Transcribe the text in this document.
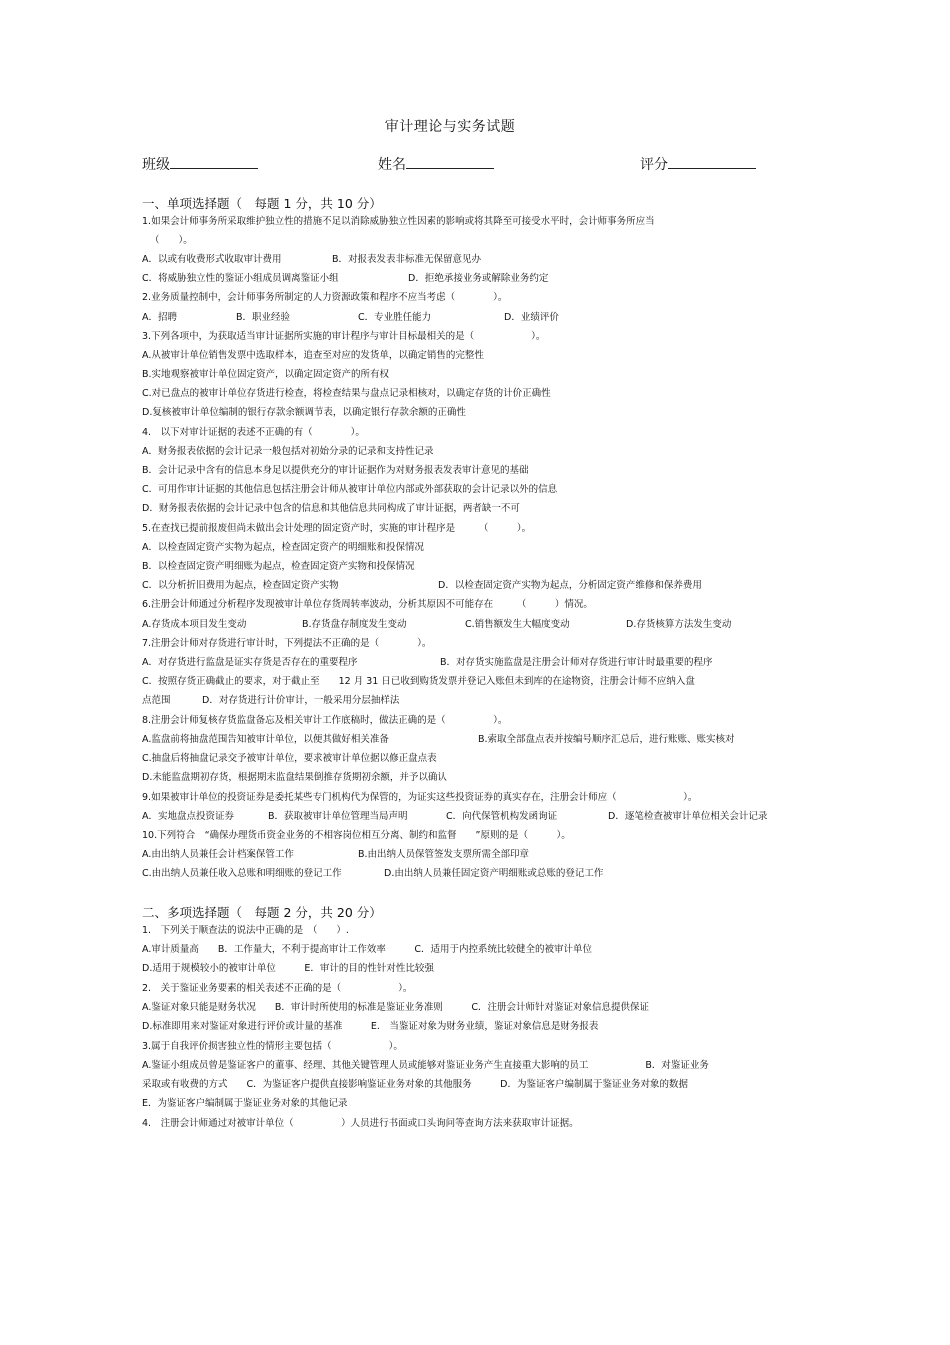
审计理论与实务试题
班级	姓名	评分
一、单项选择题（　每题 1 分，共 10 分）
1.如果会计师事务所采取维护独立性的措施不足以消除威胁独立性因素的影响或将其降至可接受水平时，会计师事务所应当
（　　）。
A．以或有收费形式收取审计费用	B．对报表发表非标准无保留意见办
C．将威胁独立性的鉴证小组成员调离鉴证小组	D．拒绝承接业务或解除业务约定
2.业务质量控制中，会计师事务所制定的人力资源政策和程序不应当考虑（　　　　）。
A．招聘	B．职业经验	C．专业胜任能力	D．业绩评价
3.下列各项中，为获取适当审计证据所实施的审计程序与审计目标最相关的是（　　　　　　）。
A.从被审计单位销售发票中选取样本，追查至对应的发货单，以确定销售的完整性
B.实地观察被审计单位固定资产，以确定固定资产的所有权
C.对已盘点的被审计单位存货进行检查，将检查结果与盘点记录相核对，以确定存货的计价正确性
D.复核被审计单位编制的银行存款余额调节表，以确定银行存款余额的正确性
4.　以下对审计证据的表述不正确的有（　　　　）。
A．财务报表依据的会计记录一般包括对初始分录的记录和支持性记录
B．会计记录中含有的信息本身足以提供充分的审计证据作为对财务报表发表审计意见的基础
C．可用作审计证据的其他信息包括注册会计师从被审计单位内部或外部获取的会计记录以外的信息
D．财务报表依据的会计记录中包含的信息和其他信息共同构成了审计证据，两者缺一不可
5.在查找已提前报废但尚未做出会计处理的固定资产时，实施的审计程序是　　　（　　　）。
A．以检查固定资产实物为起点，检查固定资产的明细账和投保情况
B．以检查固定资产明细账为起点，检查固定资产实物和投保情况
C．以分析折旧费用为起点，检查固定资产实物	D．以检查固定资产实物为起点，分析固定资产维修和保养费用
6.注册会计师通过分析程序发现被审计单位存货周转率波动，分析其原因不可能存在　　　（　　　）情况。
A.存货成本项目发生变动	B.存货盘存制度发生变动	C.销售额发生大幅度变动	D.存货核算方法发生变动
7.注册会计师对存货进行审计时，下列提法不正确的是（　　　　）。
A．对存货进行监盘是证实存货是否存在的重要程序	B．对存货实施监盘是注册会计师对存货进行审计时最重要的程序
C．按照存货正确截止的要求，对于截止至　　12 月 31 日已收到购货发票并登记入账但未到库的在途物资，注册会计师不应纳入盘
点范围	D．对存货进行计价审计，一般采用分层抽样法
8.注册会计师复核存货监盘备忘及相关审计工作底稿时，做法正确的是（　　　　　）。
A.监盘前将抽盘范围告知被审计单位，以便其做好相关准备	B.索取全部盘点表并按编号顺序汇总后，进行账账、账实核对
C.抽盘后将抽盘记录交予被审计单位，要求被审计单位据以修正盘点表
D.未能监盘期初存货，根据期末监盘结果倒推存货期初余额，并予以确认
9.如果被审计单位的投资证券是委托某些专门机构代为保管的，为证实这些投资证券的真实存在，注册会计师应（　　　　　　　）。
A．实地盘点投资证券	B．获取被审计单位管理当局声明	C．向代保管机构发函询证	D．逐笔检查被审计单位相关会计记录
10.下列符合　“确保办理货币资金业务的不相容岗位相互分离、制约和监督　　”原则的是（　　　）。
A.由出纳人员兼任会计档案保管工作	B.由出纳人员保管签发支票所需全部印章
C.由出纳人员兼任收入总账和明细账的登记工作	D.由出纳人员兼任固定资产明细账或总账的登记工作
二、多项选择题（　每题 2 分，共 20 分）
1.　下列关于顺查法的说法中正确的是　（　　）.
A.审计质量高　　B．工作量大，不利于提高审计工作效率　　　C．适用于内控系统比较健全的被审计单位
D.适用于规模较小的被审计单位　　　E．审计的目的性针对性比较强
2.　关于鉴证业务要素的相关表述不正确的是（　　　　　　）。
A.鉴证对象只能是财务状况　　B．审计时所使用的标准是鉴证业务准则　　　C．注册会计师针对鉴证对象信息提供保证
D.标准即用来对鉴证对象进行评价或计量的基准　　　E.　当鉴证对象为财务业绩，鉴证对象信息是财务报表
3.属于自我评价损害独立性的情形主要包括（　　　　　　）。
A.鉴证小组成员曾是鉴证客户的董事、经理、其他关键管理人员或能够对鉴证业务产生直接重大影响的员工　　　　　　B．对鉴证业务
采取或有收费的方式　　C．为鉴证客户提供直接影响鉴证业务对象的其他服务　　　D．为鉴证客户编制属于鉴证业务对象的数据
E．为鉴证客户编制属于鉴证业务对象的其他记录
4.　注册会计师通过对被审计单位（　　　　　）人员进行书面或口头询问等查询方法来获取审计证据。
